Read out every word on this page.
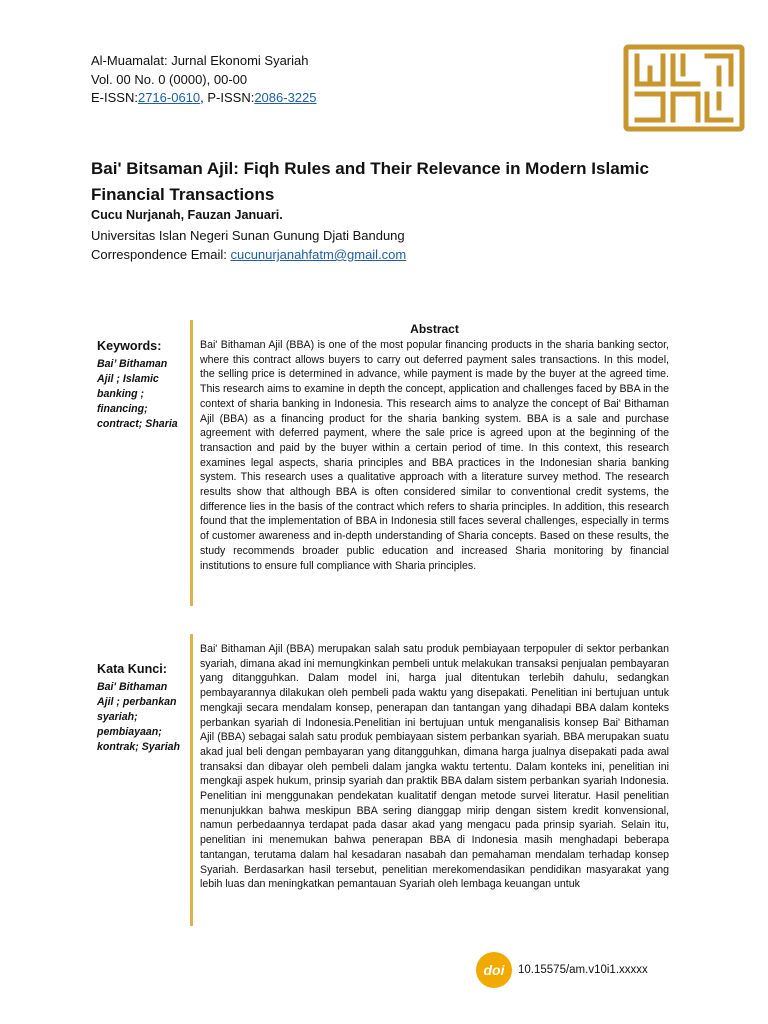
Al-Muamalat: Jurnal Ekonomi Syariah
Vol. 00 No. 0 (0000), 00-00
E-ISSN:2716-0610, P-ISSN:2086-3225
Bai' Bitsaman Ajil: Fiqh Rules and Their Relevance in Modern Islamic Financial Transactions
Cucu Nurjanah, Fauzan Januari.
Universitas Islan Negeri Sunan Gunung Djati Bandung
Correspondence Email: cucunurjanahfatm@gmail.com
Keywords:
Bai’ Bithaman Ajil ; Islamic banking ; financing; contract; Sharia
Abstract
Bai' Bithaman Ajil (BBA) is one of the most popular financing products in the sharia banking sector, where this contract allows buyers to carry out deferred payment sales transactions. In this model, the selling price is determined in advance, while payment is made by the buyer at the agreed time. This research aims to examine in depth the concept, application and challenges faced by BBA in the context of sharia banking in Indonesia. This research aims to analyze the concept of Bai' Bithaman Ajil (BBA) as a financing product for the sharia banking system. BBA is a sale and purchase agreement with deferred payment, where the sale price is agreed upon at the beginning of the transaction and paid by the buyer within a certain period of time. In this context, this research examines legal aspects, sharia principles and BBA practices in the Indonesian sharia banking system. This research uses a qualitative approach with a literature survey method. The research results show that although BBA is often considered similar to conventional credit systems, the difference lies in the basis of the contract which refers to sharia principles. In addition, this research found that the implementation of BBA in Indonesia still faces several challenges, especially in terms of customer awareness and in-depth understanding of Sharia concepts. Based on these results, the study recommends broader public education and increased Sharia monitoring by financial institutions to ensure full compliance with Sharia principles.
Kata Kunci:
Bai' Bithaman Ajil ; perbankan syariah; pembiayaan; kontrak; Syariah
Bai' Bithaman Ajil (BBA) merupakan salah satu produk pembiayaan terpopuler di sektor perbankan syariah, dimana akad ini memungkinkan pembeli untuk melakukan transaksi penjualan pembayaran yang ditangguhkan. Dalam model ini, harga jual ditentukan terlebih dahulu, sedangkan pembayarannya dilakukan oleh pembeli pada waktu yang disepakati. Penelitian ini bertujuan untuk mengkaji secara mendalam konsep, penerapan dan tantangan yang dihadapi BBA dalam konteks perbankan syariah di Indonesia.Penelitian ini bertujuan untuk menganalisis konsep Bai' Bithaman Ajil (BBA) sebagai salah satu produk pembiayaan sistem perbankan syariah. BBA merupakan suatu akad jual beli dengan pembayaran yang ditangguhkan, dimana harga jualnya disepakati pada awal transaksi dan dibayar oleh pembeli dalam jangka waktu tertentu. Dalam konteks ini, penelitian ini mengkaji aspek hukum, prinsip syariah dan praktik BBA dalam sistem perbankan syariah Indonesia. Penelitian ini menggunakan pendekatan kualitatif dengan metode survei literatur. Hasil penelitian menunjukkan bahwa meskipun BBA sering dianggap mirip dengan sistem kredit konvensional, namun perbedaannya terdapat pada dasar akad yang mengacu pada prinsip syariah. Selain itu, penelitian ini menemukan bahwa penerapan BBA di Indonesia masih menghadapi beberapa tantangan, terutama dalam hal kesadaran nasabah dan pemahaman mendalam terhadap konsep Syariah. Berdasarkan hasil tersebut, penelitian merekomendasikan pendidikan masyarakat yang lebih luas dan meningkatkan pemantauan Syariah oleh lembaga keuangan untuk
doi 10.15575/am.v10i1.xxxxx
